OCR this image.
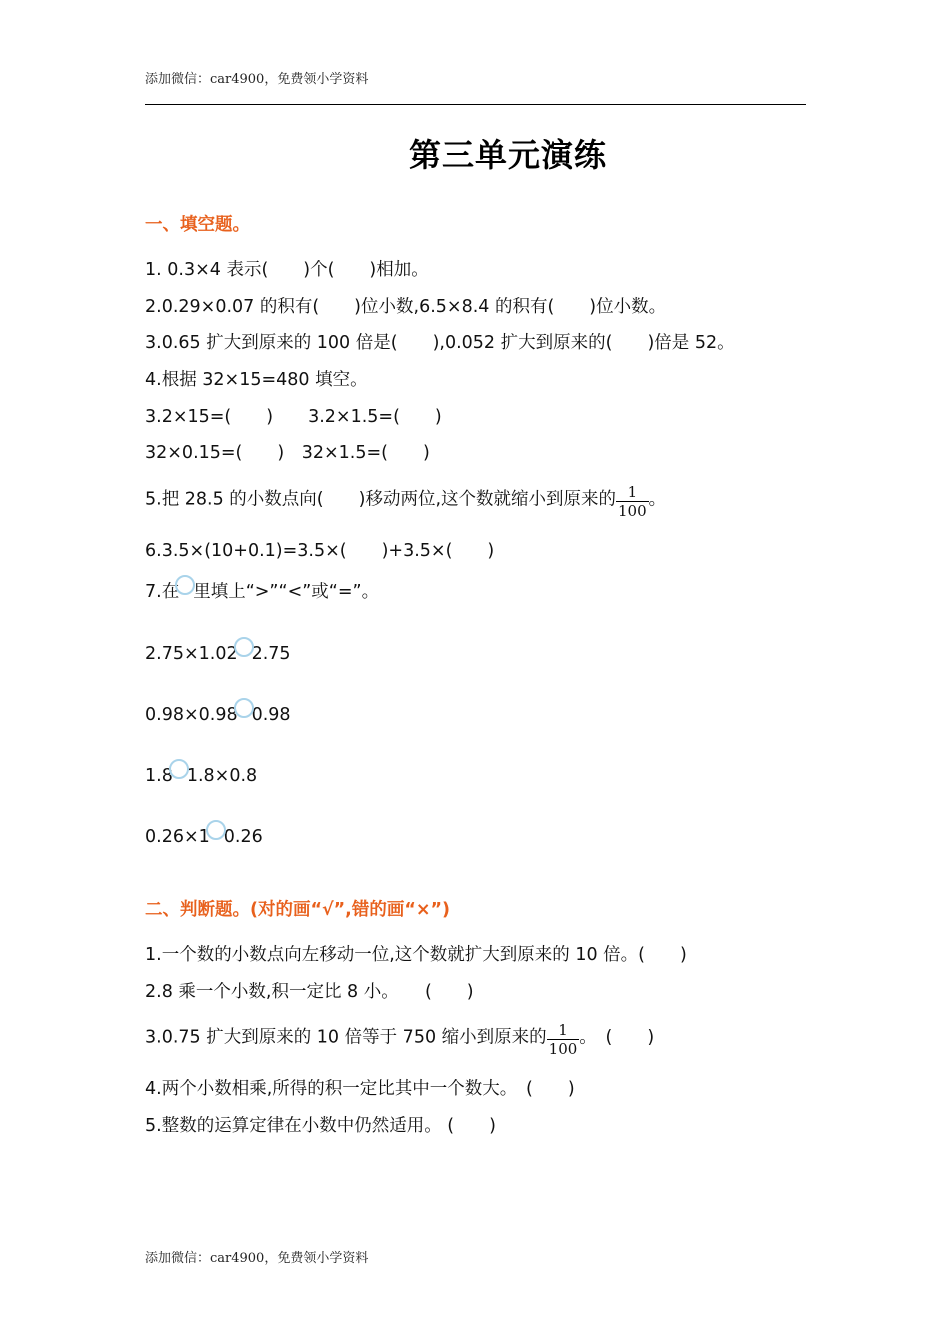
添加微信：car4900，免费领小学资料
第三单元演练
一、填空题。
1. 0.3×4 表示(　　)个(　　)相加。
2.0.29×0.07 的积有(　　)位小数,6.5×8.4 的积有(　　)位小数。
3.0.65 扩大到原来的 100 倍是(　　),0.052 扩大到原来的(　　)倍是 52。
4.根据 32×15=480 填空。
3.2×15=(　　)　　3.2×1.5=(　　)
32×0.15=(　　)　32×1.5=(　　)
5.把 28.5 的小数点向(　　)移动两位,这个数就缩小到原来的 $\frac{1}{100}$ 。
6.3.5×(10+0.1)=3.5×(　　)+3.5×(　　)
7.在 里填上“>”“<”或“=”。
2.75×1.02 2.75
0.98×0.98 0.98
1.8 1.8×0.8
0.26×1 0.26
二、判断题。(对的画“√”,错的画“×”)
1.一个数的小数点向左移动一位,这个数就扩大到原来的 10 倍。(　　)
2.8 乘一个小数,积一定比 8 小。　　(　　)
3.0.75 扩大到原来的 10 倍等于 750 缩小到原来的 $\frac{1}{100}$ 。　(　　)
4.两个小数相乘,所得的积一定比其中一个数大。　(　　)
5.整数的运算定律在小数中仍然适用。 (　　)
添加微信：car4900，免费领小学资料
